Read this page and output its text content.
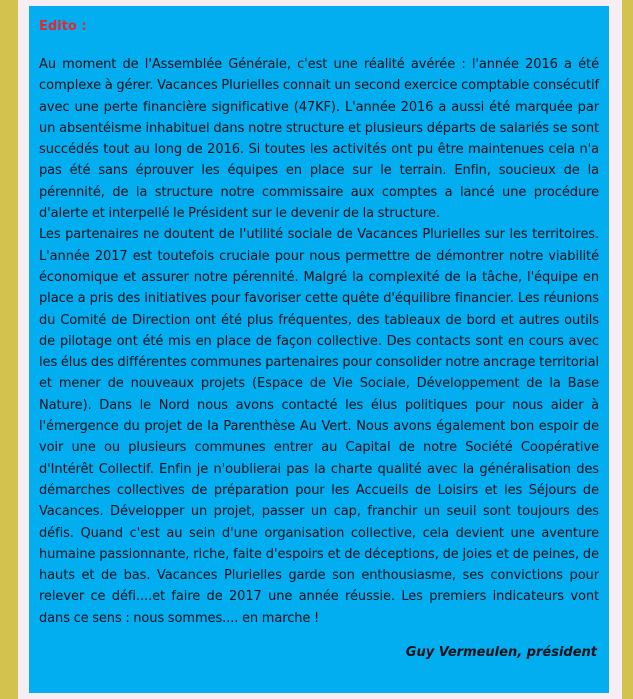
Edito :

Au moment de l'Assemblée Générale, c'est une réalité avérée : l'année 2016 a été complexe à gérer. Vacances Plurielles connait un second exercice comptable consécutif avec une perte financière significative (47KF). L'année 2016 a aussi été marquée par un absentéisme inhabituel dans notre structure et plusieurs départs de salariés se sont succédés tout au long de 2016. Si toutes les activités ont pu être maintenues cela n'a pas été sans éprouver les équipes en place sur le terrain. Enfin, soucieux de la pérennité, de la structure notre commissaire aux comptes a lancé une procédure d'alerte et interpellé le Président sur le devenir de la structure.

Les partenaires ne doutent de l'utilité sociale de Vacances Plurielles sur les territoires. L'année 2017 est toutefois cruciale pour nous permettre de démontrer notre viabilité économique et assurer notre pérennité. Malgré la complexité de la tâche, l'équipe en place a pris des initiatives pour favoriser cette quête d'équilibre financier. Les réunions du Comité de Direction ont été plus fréquentes, des tableaux de bord et autres outils de pilotage ont été mis en place de façon collective. Des contacts sont en cours avec les élus des différentes communes partenaires pour consolider notre ancrage territorial et mener de nouveaux projets (Espace de Vie Sociale, Développement de la Base Nature). Dans le Nord nous avons contacté les élus politiques pour nous aider à l'émergence du projet de la Parenthèse Au Vert. Nous avons également bon espoir de voir une ou plusieurs communes entrer au Capital de notre Société Coopérative d'Intérêt Collectif. Enfin je n'oublierai pas la charte qualité avec la généralisation des démarches collectives de préparation pour les Accueils de Loisirs et les Séjours de Vacances. Développer un projet, passer un cap, franchir un seuil sont toujours des défis. Quand c'est au sein d'une organisation collective, cela devient une aventure humaine passionnante, riche, faite d'espoirs et de déceptions, de joies et de peines, de hauts et de bas. Vacances Plurielles garde son enthousiasme, ses convictions pour relever ce défi....et faire de 2017 une année réussie. Les premiers indicateurs vont dans ce sens : nous sommes.... en marche !

Guy Vermeulen, président
